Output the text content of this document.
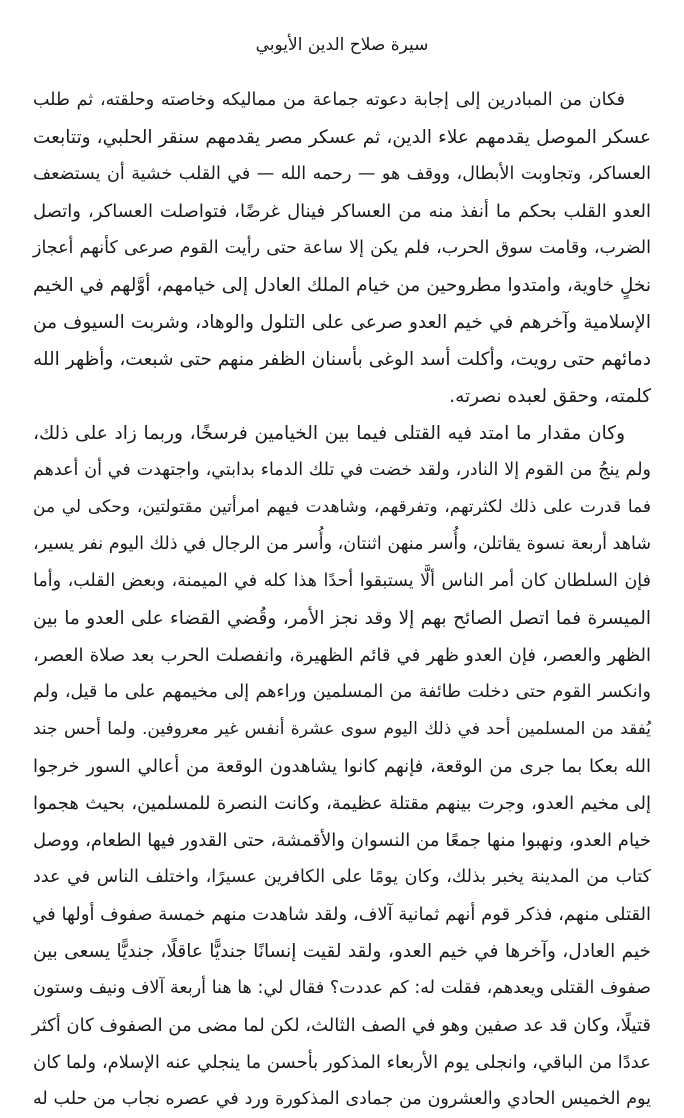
سيرة صلاح الدين الأيوبي
فكان من المبادرين إلى إجابة دعوته جماعة من مماليكه وخاصته وحلقته، ثم طلب
عسكر الموصل يقدمهم علاء الدين، ثم عسكر مصر يقدمهم سنقر الحلبي، وتتابعت
العساكر، وتجاوبت الأبطال، ووقف هو — رحمه الله — في القلب خشية أن يستضعف
العدو القلب بحكم ما أنفذ منه من العساكر فينال غرضًا، فتواصلت العساكر، واتصل
الضرب، وقامت سوق الحرب، فلم يكن إلا ساعة حتى رأيت القوم صرعى كأنهم أعجاز
نخلٍ خاوية، وامتدوا مطروحين من خيام الملك العادل إلى خيامهم، أوَّلهم في الخيم
الإسلامية وآخرهم في خيم العدو صرعى على التلول والوهاد، وشربت السيوف من
دمائهم حتى رويت، وأكلت أسد الوغى بأسنان الظفر منهم حتى شبعت، وأظهر الله
كلمته، وحقق لعبده نصرته.
وكان مقدار ما امتد فيه القتلى فيما بين الخيامين فرسخًا، وربما زاد على ذلك،
ولم ينجُ من القوم إلا النادر، ولقد خضت في تلك الدماء بدابتي، واجتهدت في أن أعدهم
فما قدرت على ذلك لكثرتهم، وتفرقهم، وشاهدت فيهم امرأتين مقتولتين، وحكى لي من
شاهد أربعة نسوة يقاتلن، وأُسر منهن اثنتان، وأُسر من الرجال في ذلك اليوم نفر يسير،
فإن السلطان كان أمر الناس ألَّا يستبقوا أحدًا هذا كله في الميمنة، وبعض القلب، وأما
الميسرة فما اتصل الصائح بهم إلا وقد نجز الأمر، وقُضي القضاء على العدو ما بين
الظهر والعصر، فإن العدو ظهر في قائم الظهيرة، وانفصلت الحرب بعد صلاة العصر،
وانكسر القوم حتى دخلت طائفة من المسلمين وراءهم إلى مخيمهم على ما قيل، ولم
يُفقد من المسلمين أحد في ذلك اليوم سوى عشرة أنفس غير معروفين. ولما أحس جند
الله بعكا بما جرى من الوقعة، فإنهم كانوا يشاهدون الوقعة من أعالي السور خرجوا
إلى مخيم العدو، وجرت بينهم مقتلة عظيمة، وكانت النصرة للمسلمين، بحيث هجموا
خيام العدو، ونهبوا منها جمعًا من النسوان والأقمشة، حتى القدور فيها الطعام، ووصل
كتاب من المدينة يخبر بذلك، وكان يومًا على الكافرين عسيرًا، واختلف الناس في عدد
القتلى منهم، فذكر قوم أنهم ثمانية آلاف، ولقد شاهدت منهم خمسة صفوف أولها في
خيم العادل، وآخرها في خيم العدو، ولقد لقيت إنسانًا جنديًّا عاقلًا، جنديًّا يسعى بين
صفوف القتلى ويعدهم، فقلت له: كم عددت؟ فقال لي: ها هنا أربعة آلاف ونيف وستون
قتيلًا، وكان قد عد صفين وهو في الصف الثالث، لكن لما مضى من الصفوف كان أكثر
عددًا من الباقي، وانجلى يوم الأربعاء المذكور بأحسن ما ينجلي عنه الإسلام، ولما كان
يوم الخميس الحادي والعشرون من جمادى المذكورة ورد في عصره نجاب من حلب له
